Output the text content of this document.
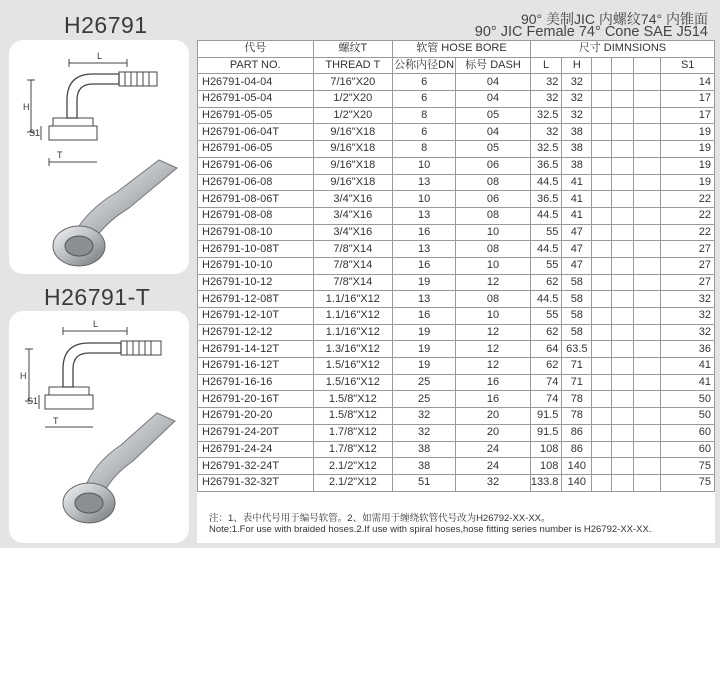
H26791
H26791-T
90° 美制JIC 内螺纹74° 内锥面
90° JIC Female 74° Cone SAE J514
L
H
S1
T
L
H
S1
T
代号	螺纹T	软管 HOSE BORE		尺寸 DIMNSIONS					
PART NO.	THREAD T	公称内径DN	标号 DASH	L	H				S1
H26791-04-04	7/16"X20	6	04	32	32				14
H26791-05-04	1/2"X20	6	04	32	32				17
H26791-05-05	1/2"X20	8	05	32.5	32				17
H26791-06-04T	9/16"X18	6	04	32	38				19
H26791-06-05	9/16"X18	8	05	32.5	38				19
H26791-06-06	9/16"X18	10	06	36.5	38				19
H26791-06-08	9/16"X18	13	08	44.5	41				19
H26791-08-06T	3/4"X16	10	06	36.5	41				22
H26791-08-08	3/4"X16	13	08	44.5	41				22
H26791-08-10	3/4"X16	16	10	55	47				22
H26791-10-08T	7/8"X14	13	08	44.5	47				27
H26791-10-10	7/8"X14	16	10	55	47				27
H26791-10-12	7/8"X14	19	12	62	58				27
H26791-12-08T	1.1/16"X12	13	08	44.5	58				32
H26791-12-10T	1.1/16"X12	16	10	55	58				32
H26791-12-12	1.1/16"X12	19	12	62	58				32
H26791-14-12T	1.3/16"X12	19	12	64	63.5				36
H26791-16-12T	1.5/16"X12	19	12	62	71				41
H26791-16-16	1.5/16"X12	25	16	74	71				41
H26791-20-16T	1.5/8"X12	25	16	74	78				50
H26791-20-20	1.5/8"X12	32	20	91.5	78				50
H26791-24-20T	1.7/8"X12	32	20	91.5	86				60
H26791-24-24	1.7/8"X12	38	24	108	86				60
H26791-32-24T	2.1/2"X12	38	24	108	140				75
H26791-32-32T	2.1/2"X12	51	32	133.8	140				75
注：1、表中代号用于编号软管。2、如需用于缠绕软管代号改为H26792-XX-XX。
Note:1.For use with braided hoses.2.If use with spiral hoses,hose fitting series number is H26792-XX-XX.
